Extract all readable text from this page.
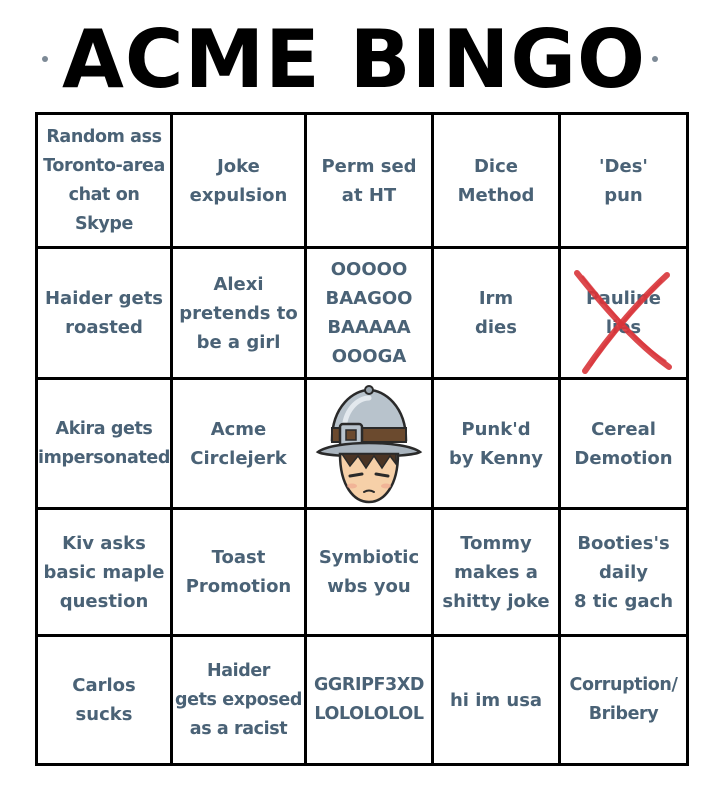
ACME BINGO
Random ass
Toronto-area
chat on Skype
Joke
expulsion
Perm sed
at HT
Dice
Method
'Des'
pun
Haider gets
roasted
Alexi
pretends to
be a girl
OOOOO
BAAGOO
BAAAAA
OOOGA
Irm
dies
Pauline
lies
Akira gets
impersonated
Acme
Circlejerk
Punk'd
by Kenny
Cereal
Demotion
Kiv asks
basic maple
question
Toast
Promotion
Symbiotic
wbs you
Tommy
makes a
shitty joke
Booties's
daily
8 tic gach
Carlos
sucks
Haider
gets exposed
as a racist
GGRIPF3XD
LOLOLOLOL
hi im usa
Corruption/
Bribery
